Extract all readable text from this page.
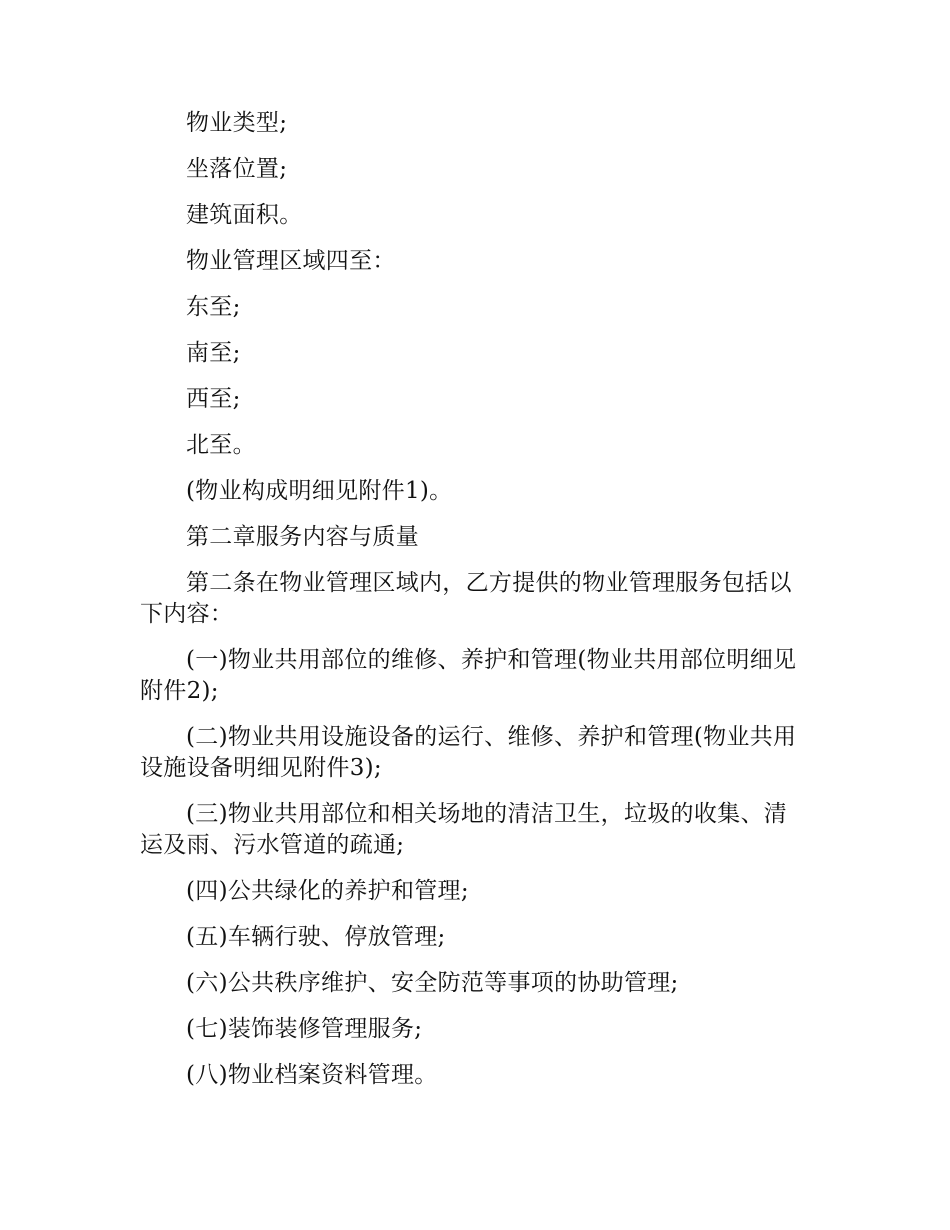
物业类型;

坐落位置;

建筑面积。

物业管理区域四至：

东至;

南至;

西至;

北至。

(物业构成明细见附件1)。

第二章服务内容与质量

第二条在物业管理区域内，乙方提供的物业管理服务包括以下内容：

(一)物业共用部位的维修、养护和管理(物业共用部位明细见附件2);

(二)物业共用设施设备的运行、维修、养护和管理(物业共用设施设备明细见附件3);

(三)物业共用部位和相关场地的清洁卫生，垃圾的收集、清运及雨、污水管道的疏通;

(四)公共绿化的养护和管理;

(五)车辆行驶、停放管理;

(六)公共秩序维护、安全防范等事项的协助管理;

(七)装饰装修管理服务;

(八)物业档案资料管理。
